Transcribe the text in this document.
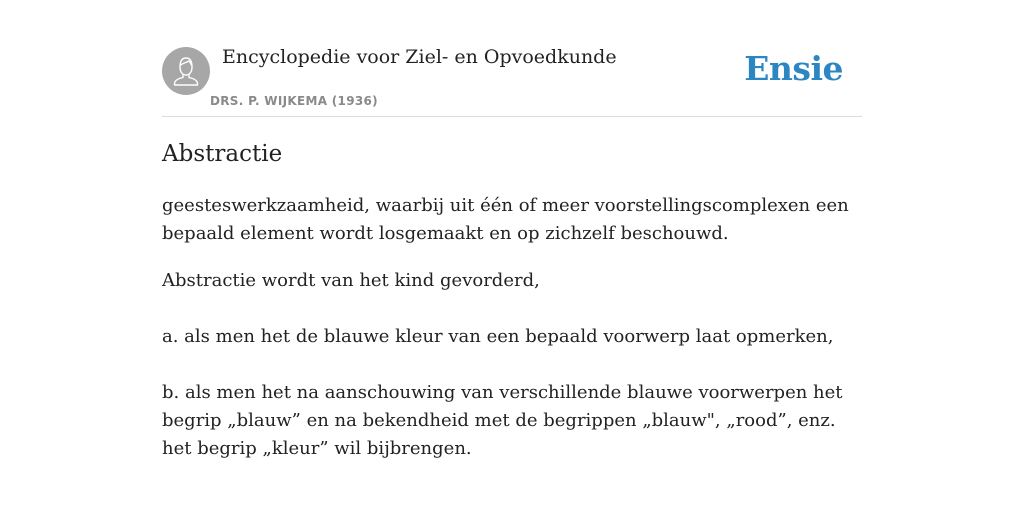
Encyclopedie voor Ziel- en Opvoedkunde
DRS. P. WIJKEMA (1936)
Ensie
Abstractie

geesteswerkzaamheid, waarbij uit één of meer voorstellingscomplexen een bepaald element wordt losgemaakt en op zichzelf beschouwd.

Abstractie wordt van het kind gevorderd,

a. als men het de blauwe kleur van een bepaald voorwerp laat opmerken,

b. als men het na aanschouwing van verschillende blauwe voorwerpen het begrip „blauw” en na bekendheid met de begrippen „blauw", „rood”, enz. het begrip „kleur” wil bijbrengen.
